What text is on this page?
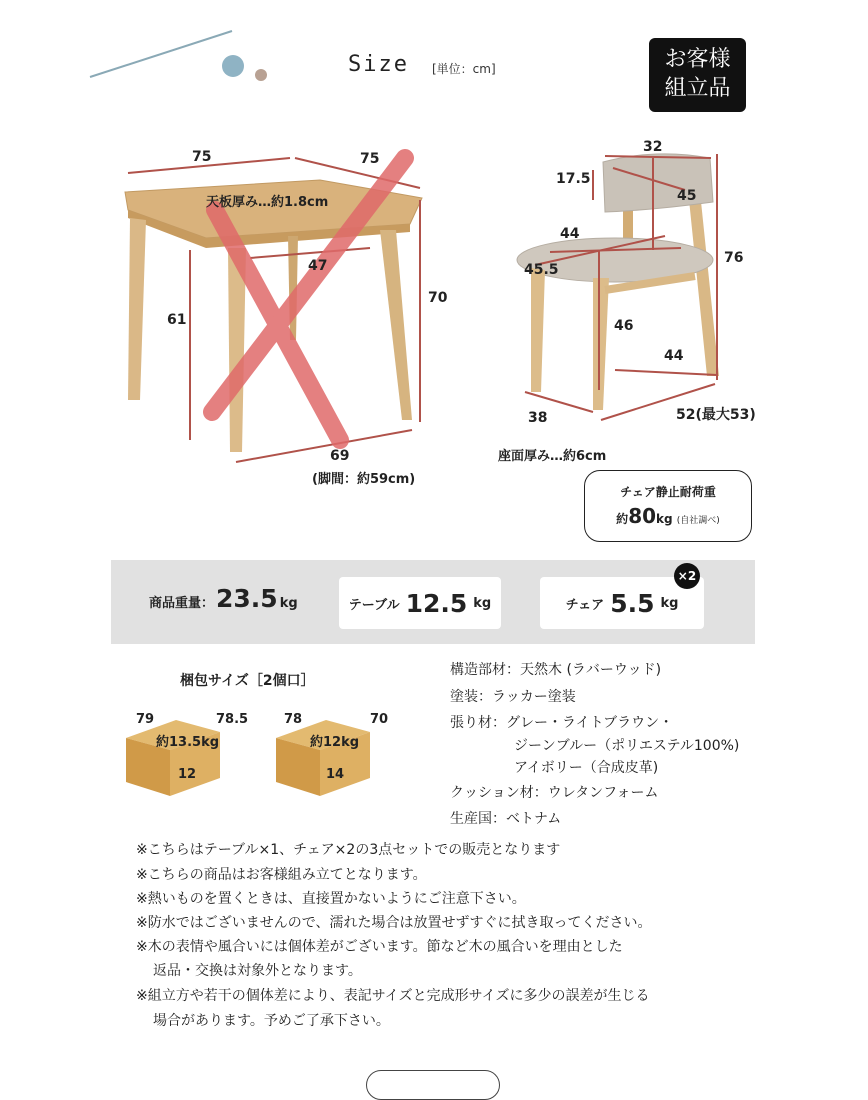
Size [単位：cm]	お客様
組立品
75	75
天板厚み…約1.8cm
47
61
70
69
(脚間：約59cm)
32
17.5
45
44
45.5
46
76
44
38	52(最大53)
座面厚み…約6cm
チェア静止耐荷重
約80kg (自社調べ)
商品重量： 23.5 kg	テーブル 12.5 kg	チェア 5.5 kg
×2
梱包サイズ［2個口］
79	78.5
約13.5kg
12
78	70
約12kg
14
構造部材：天然木 (ラバーウッド)
塗装：ラッカー塗装
張り材：グレー・ライトブラウン・
ジーンブルー（ポリエステル100%)
アイボリー（合成皮革)
クッション材：ウレタンフォーム
生産国：ベトナム
※こちらはテーブル×1、チェア×2の3点セットでの販売となります
※こちらの商品はお客様組み立てとなります。
※熱いものを置くときは、直接置かないようにご注意下さい。
※防水ではございませんので、濡れた場合は放置せずすぐに拭き取ってください。
※木の表情や風合いには個体差がございます。節など木の風合いを理由とした
返品・交換は対象外となります。
※組立方や若干の個体差により、表記サイズと完成形サイズに多少の誤差が生じる
場合があります。予めご了承下さい。
